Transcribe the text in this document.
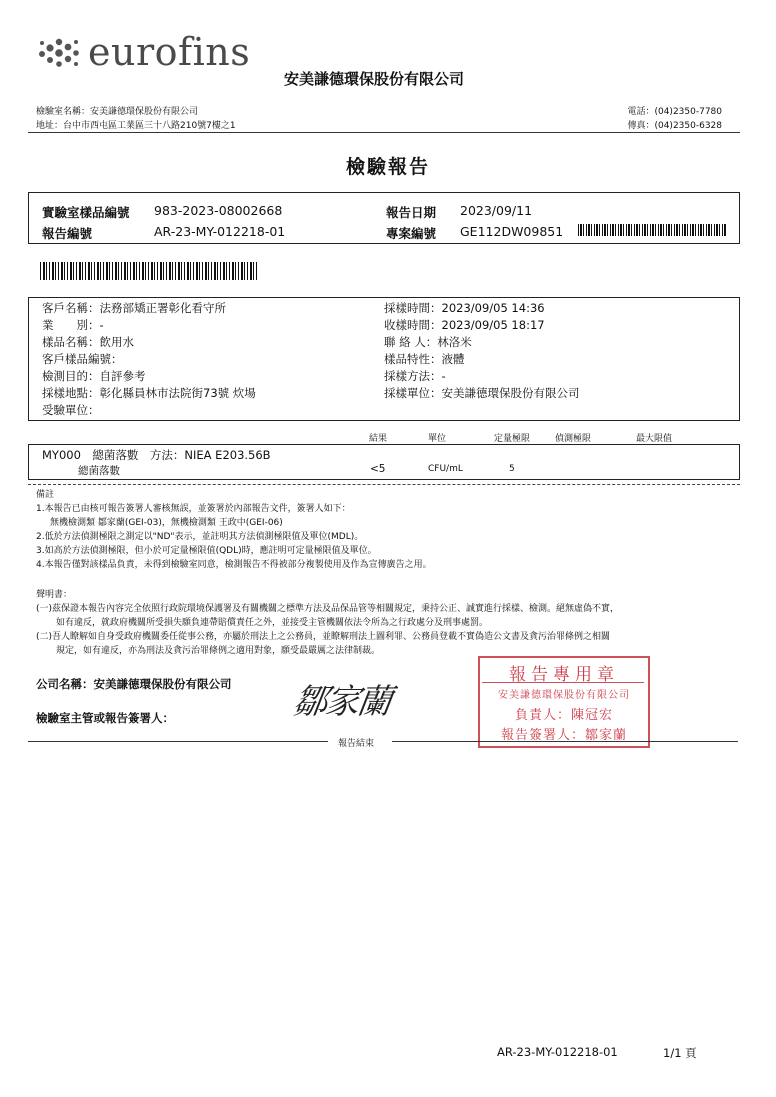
eurofins
安美謙德環保股份有限公司
檢驗室名稱：安美謙德環保股份有限公司
地址：台中市西屯區工業區三十八路210號7樓之1
電話：(04)2350-7780
傳真：(04)2350-6328
檢驗報告
實驗室樣品編號 983-2023-08002668	報告日期 2023/09/11
報告編號	AR-23-MY-012218-01	專案編號 GE112DW09851
客戶名稱：法務部矯正署彰化看守所
業　　別：-
樣品名稱：飲用水
客戶樣品編號：
檢測目的：自評參考
採樣地點：彰化縣員林市法院街73號 炊場
受驗單位：
採樣時間：2023/09/05 14:36
收樣時間：2023/09/05 18:17
聯 絡 人：林洛米
樣品特性：液體
採樣方法：-
採樣單位：安美謙德環保股份有限公司
結果	單位	定量極限	偵測極限	最大限值
MY000　總菌落數　方法：NIEA E203.56B
總菌落數	<5	CFU/mL	5
備註
1.本報告已由核可報告簽署人審核無誤，並簽署於內部報告文件，簽署人如下：
無機檢測類 鄒家蘭(GEI-03)，無機檢測類 王政中(GEI-06)
2.低於方法偵測極限之測定以"ND"表示，並註明其方法偵測極限值及單位(MDL)。
3.如高於方法偵測極限，但小於可定量極限值(QDL)時，應註明可定量極限值及單位。
4.本報告僅對該樣品負責，未得到檢驗室同意，檢測報告不得被部分複製使用及作為宣傳廣告之用。
聲明書：
(一)茲保證本報告內容完全依照行政院環境保護署及有關機關之標準方法及品保品管等相關規定，秉持公正、誠實進行採樣、檢測。絕無虛偽不實，
如有違反，就政府機關所受損失願負連帶賠償責任之外，並接受主管機關依法令所為之行政處分及刑事處罰。
(二)吾人瞭解如自身受政府機關委任從事公務，亦屬於刑法上之公務員，並瞭解刑法上圖利罪、公務員登載不實偽造公文書及貪污治罪條例之相關
規定，如有違反，亦為刑法及貪污治罪條例之適用對象，願受最嚴厲之法律制裁。
公司名稱：安美謙德環保股份有限公司
檢驗室主管或報告簽署人：	鄒家蘭
報告專用章
安美謙德環保股份有限公司
負責人：陳冠宏
報告簽署人：鄒家蘭
報告結束
AR-23-MY-012218-01	1/1 頁
